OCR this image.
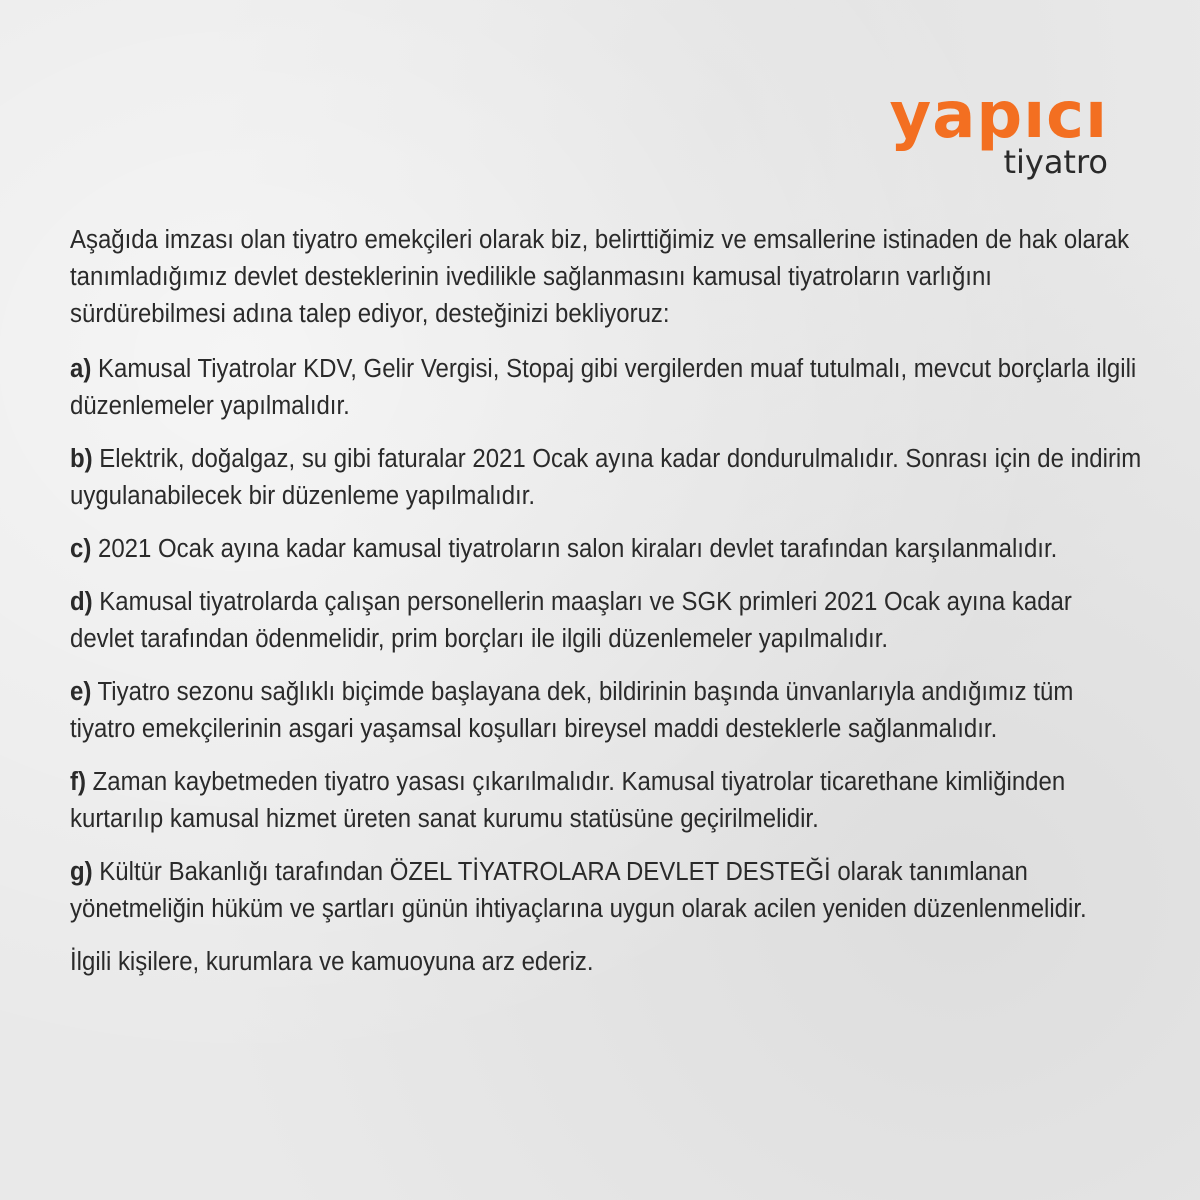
yapıcı
tiyatro

Aşağıda imzası olan tiyatro emekçileri olarak biz, belirttiğimiz ve emsallerine istinaden de hak olarak tanımladığımız devlet desteklerinin ivedilikle sağlanmasını kamusal tiyatroların varlığını sürdürebilmesi adına talep ediyor, desteğinizi bekliyoruz:

a) Kamusal Tiyatrolar KDV, Gelir Vergisi, Stopaj gibi vergilerden muaf tutulmalı, mevcut borçlarla ilgili düzenlemeler yapılmalıdır.

b) Elektrik, doğalgaz, su gibi faturalar 2021 Ocak ayına kadar dondurulmalıdır. Sonrası için de indirim uygulanabilecek bir düzenleme yapılmalıdır.

c) 2021 Ocak ayına kadar kamusal tiyatroların salon kiraları devlet tarafından karşılanmalıdır.

d) Kamusal tiyatrolarda çalışan personellerin maaşları ve SGK primleri 2021 Ocak ayına kadar devlet tarafından ödenmelidir, prim borçları ile ilgili düzenlemeler yapılmalıdır.

e) Tiyatro sezonu sağlıklı biçimde başlayana dek, bildirinin başında ünvanlarıyla andığımız tüm tiyatro emekçilerinin asgari yaşamsal koşulları bireysel maddi desteklerle sağlanmalıdır.

f) Zaman kaybetmeden tiyatro yasası çıkarılmalıdır. Kamusal tiyatrolar ticarethane kimliğinden kurtarılıp kamusal hizmet üreten sanat kurumu statüsüne geçirilmelidir.

g) Kültür Bakanlığı tarafından ÖZEL TİYATROLARA DEVLET DESTEĞİ olarak tanımlanan yönetmeliğin hüküm ve şartları günün ihtiyaçlarına uygun olarak acilen yeniden düzenlenmelidir.

İlgili kişilere, kurumlara ve kamuoyuna arz ederiz.
